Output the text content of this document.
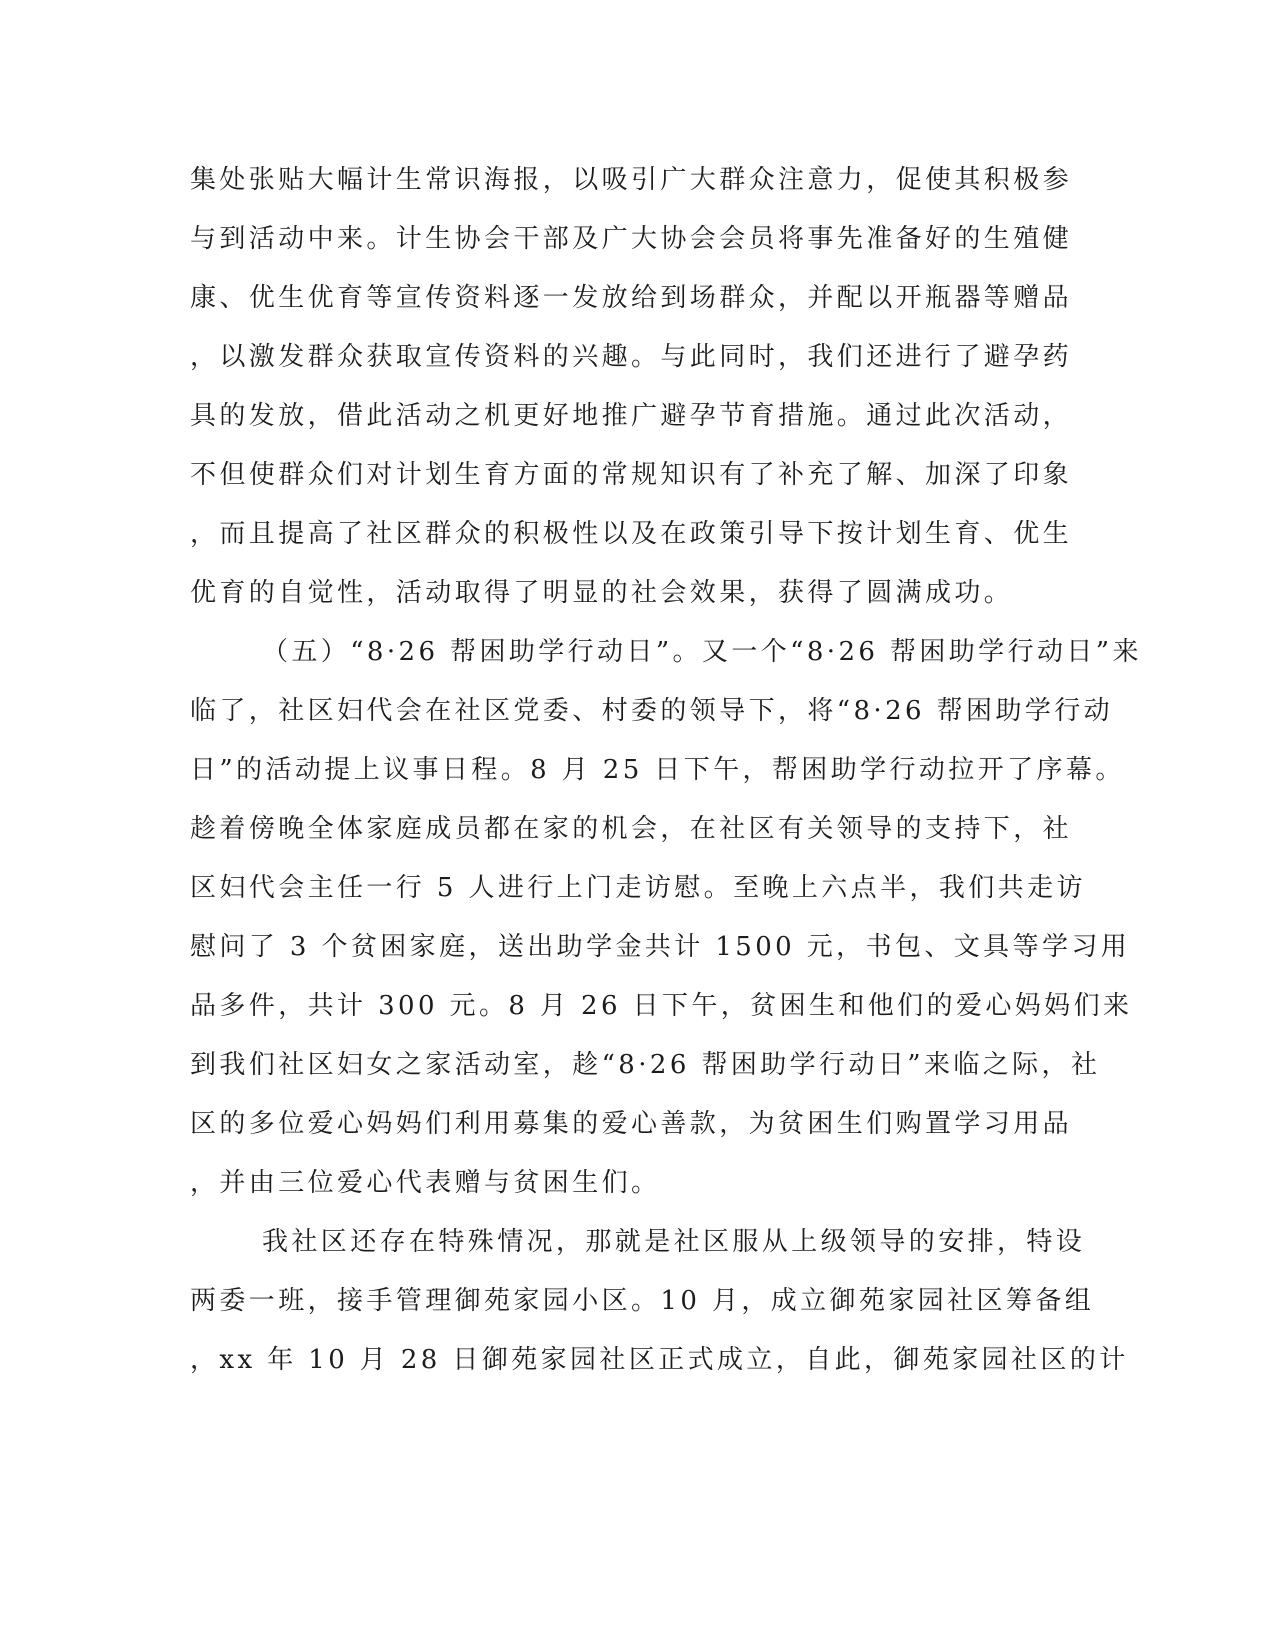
集处张贴大幅计生常识海报，以吸引广大群众注意力，促使其积极参
与到活动中来。计生协会干部及广大协会会员将事先准备好的生殖健
康、优生优育等宣传资料逐一发放给到场群众，并配以开瓶器等赠品
，以激发群众获取宣传资料的兴趣。与此同时，我们还进行了避孕药
具的发放，借此活动之机更好地推广避孕节育措施。通过此次活动，
不但使群众们对计划生育方面的常规知识有了补充了解、加深了印象
，而且提高了社区群众的积极性以及在政策引导下按计划生育、优生
优育的自觉性，活动取得了明显的社会效果，获得了圆满成功。
（五）“8·26 帮困助学行动日”。又一个“8·26 帮困助学行动日”来
临了，社区妇代会在社区党委、村委的领导下，将“8·26 帮困助学行动
日”的活动提上议事日程。8 月 25 日下午，帮困助学行动拉开了序幕。
趁着傍晚全体家庭成员都在家的机会，在社区有关领导的支持下，社
区妇代会主任一行 5 人进行上门走访慰。至晚上六点半，我们共走访
慰问了 3 个贫困家庭，送出助学金共计 1500 元，书包、文具等学习用
品多件，共计 300 元。8 月 26 日下午，贫困生和他们的爱心妈妈们来
到我们社区妇女之家活动室，趁“8·26 帮困助学行动日”来临之际，社
区的多位爱心妈妈们利用募集的爱心善款，为贫困生们购置学习用品
，并由三位爱心代表赠与贫困生们。
我社区还存在特殊情况，那就是社区服从上级领导的安排，特设
两委一班，接手管理御苑家园小区。10 月，成立御苑家园社区筹备组
，xx 年 10 月 28 日御苑家园社区正式成立，自此，御苑家园社区的计
